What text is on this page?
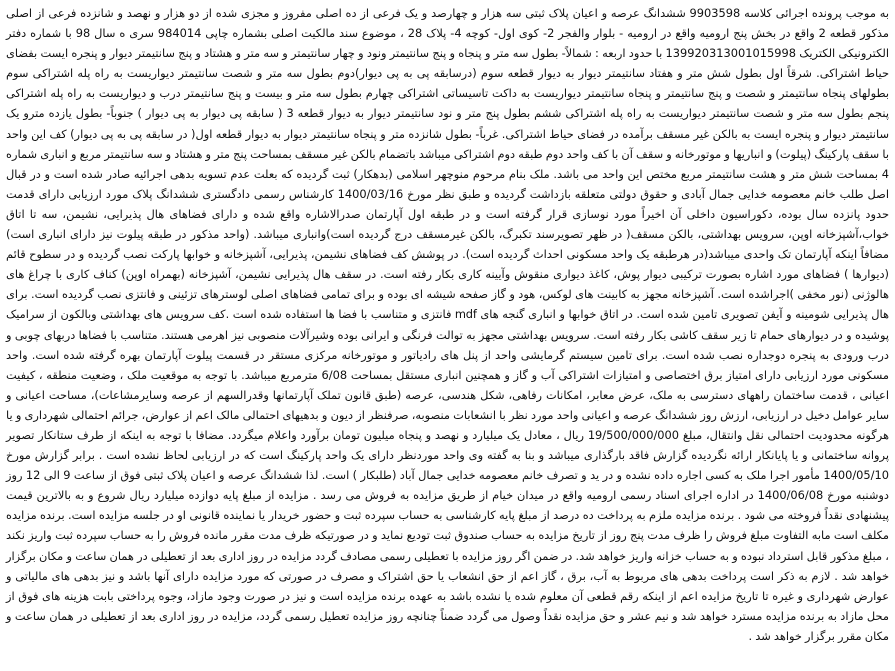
به موجب پرونده اجرائی کلاسه 9903598 ششدانگ عرصه و اعیان پلاک ثبتی سه هزار و چهارصد و یک فرعی از ده اصلی مفروز و مجزی شده از دو هزار و نهصد و شانزده فرعی از اصلی مذکور قطعه 2 واقع در بخش پنج ارومیه واقع در ارومیه - بلوار والفجر 2- کوی اول- کوچه 4- پلاک 28 ، موضوع سند مالکیت اصلی بشماره چاپی 984014 سری ه سال 98 با شماره دفتر الکترونیکی الکتریک 139920313001015998 با حدود اربعه : شمالاً- بطول سه متر و پنجاه و پنج سانتیمتر ونود و چهار سانتیمتر و سه متر و هشتاد و پنج سانتیمتر دیوار و پنجره ایست بفضای حیاط اشتراکی. شرقاً اول بطول شش متر و هفتاد سانتیمتر دیوار به دیوار قطعه سوم (درسابقه پی به پی دیوار)دوم بطول سه متر و شصت سانتیمتر دیواریست به راه پله اشتراکی سوم بطولهای پنجاه سانتیمتر و شصت و پنج سانتیمتر و پنجاه سانتیمتر دیواریست به داکت تاسیساتی اشتراکی چهارم بطول سه متر و بیست و پنج سانتیمتر درب و دیواریست به راه پله اشتراکی پنجم بطول سه متر و شصت سانتیمتر دیواریست به راه پله اشتراکی ششم بطول پنج متر و نود سانتیمتر دیوار به دیوار قطعه 3 ( سابقه پی دیوار به پی دیوار ) جنوباً- بطول یازده مترو یک سانتیمتر دیوار و پنجره ایست به بالکن غیر مسقف برآمده در فضای حیاط اشتراکی. غرباً- بطول شانزده متر و پنجاه سانتیمتر دیوار به دیوار قطعه اول( در سابقه پی به پی دیوار) کف این واحد با سقف پارکینگ (پیلوت) و انباریها و موتورخانه و سقف آن با کف واحد دوم طبقه دوم اشتراکی میباشد باتضمام بالکن غیر مسقف بمساحت پنج متر و هشتاد و سه سانتیمتر مربع و انباری شماره 4 بمساحت شش متر و هشت سانتیمتر مربع مختص این واحد می باشد. ملک بنام مرحوم منوچهر اسلامی (بدهکار) ثبت گردیده که بعلت عدم تسویه بدهی اجرائیه صادر شده است و در قبال اصل طلب خانم معصومه خدایی جمال آبادی و حقوق دولتی متعلقه بازداشت گردیده و طبق نظر مورخ 1400/03/16 کارشناس رسمی دادگستری ششدانگ پلاک مورد ارزیابی دارای قدمت حدود پانزده سال بوده، دکوراسیون داخلی آن اخیراً مورد نوسازی قرار گرفته است و در طبقه اول آپارتمان صدرالاشاره واقع شده و دارای فضاهای هال پذیرایی، نشیمن، سه تا اتاق خواب،آشپزخانه اوپن، سرویس بهداشتی، بالکن مسقف( در ظهر تصویرسند تکبرگ، بالکن غیرمسقف درج گردیده است)وانباری میباشد. (واحد مذکور در طبقه پیلوت نیز دارای انباری است) مضافاً اینکه آپارتمان تک واحدی میباشد(در هرطبقه یک واحد مسکونی احداث گردیده است). در پوشش کف فضاهای نشیمن، پذیرایی، آشپزخانه و خوابها پارکت نصب گردیده و در سطوح قائم (دیوارها ) فضاهای مورد اشاره بصورت ترکیبی دیوار پوش، کاغذ دیواری منقوش وآیینه کاری بکار رفته است. در سقف هال پذیرایی نشیمن، آشپزخانه (بهمراه اوپن) کناف کاری با چراغ های هالوژنی (نور مخفی )اجراشده است. آشپزخانه مجهز به کابینت های لوکس، هود و گاز صفحه شیشه ای بوده و برای تمامی فضاهای اصلی لوسترهای تزئینی و فانتزی نصب گردیده است. برای هال پذیرایی شومینه و آیفن تصویری تامین شده است. در اتاق خوابها و انباری گنجه های mdf فانتزی و متناسب با فضا ها استفاده شده است .کف سرویس های بهداشتی وبالکون از سرامیک پوشیده و در دیوارهای حمام تا زیر سقف کاشی بکار رفته است. سرویس بهداشتی مجهز به توالت فرنگی و ایرانی بوده وشیرآلات منصوبی نیز اهرمی هستند. متناسب با فضاها دربهای چوبی و درب ورودی به پنجره دوجداره نصب شده است. برای تامین سیستم گرمایشی واحد از پنل های رادیاتور و موتورخانه مرکزی مستقر در قسمت پیلوت آپارتمان بهره گرفته شده است. واحد مسکونی مورد ارزیابی دارای امتیاز برق اختصاصی و امتیازات اشتراکی آب و گاز و همچنین انباری مستقل بمساحت 6/08 مترمربع میباشد. با توجه به موقعیت ملک ، وضعیت منطقه ، کیفیت اعیانی ، قدمت ساختمان راههای دسترسی به ملک، عرض معابر، امکانات رفاهی، شکل هندسی، عرصه (طبق قانون تملک آپارتمانها وقدرالسهم از عرصه وسایرمشاعات)، مساحت اعیانی و سایر عوامل دخیل در ارزیابی، ارزش روز ششدانگ عرصه و اعیانی واحد مورد نظر با انشعابات منصوبه، صرفنظر از دیون و بدهیهای احتمالی مالک اعم از عوارض، جرائم احتمالی شهرداری و یا هرگونه محدودیت احتمالی نقل وانتقال، مبلغ 19/500/000/000 ریال ، معادل یک میلیارد و نهصد و پنجاه میلیون تومان برآورد واعلام میگردد. مضافا با توجه به اینکه از طرف ستانکار تصویر پروانه ساختمانی و یا پایانکار ارائه نگردیده گزارش فاقد بارگذاری میباشد و بنا به گفته وی واحد موردنظر دارای یک واحد پارکینگ است که در ارزیابی لحاظ نشده است . برابر گزارش مورخ 1400/05/10 مأمور اجرا ملک به کسی اجاره داده نشده و در ید و تصرف خانم معصومه خدایی جمال آباد (طلبکار ) است. لذا ششدانگ عرصه و اعیان پلاک ثبتی فوق از ساعت 9 الی 12 روز دوشنبه مورخ 1400/06/08 در اداره اجرای اسناد رسمی ارومیه واقع در میدان خیام از طریق مزایده به فروش می رسد . مزایده از مبلغ پایه دوازده میلیارد ریال شروع و به بالاترین قیمت پیشنهادی نقداً فروخته می شود . برنده مزایده ملزم به پرداخت ده درصد از مبلغ پایه کارشناسی به حساب سپرده ثبت و حضور خریدار یا نماینده قانونی او در جلسه مزایده است. برنده مزایده مکلف است مابه التفاوت مبلغ فروش را ظرف مدت پنج روز از تاریخ مزایده به حساب صندوق ثبت تودیع نماید و در صورتیکه ظرف مدت مقرر مانده فروش را به حساب سپرده ثبت واریز نکند ، مبلغ مذکور قابل استرداد نبوده و به حساب خزانه واریز خواهد شد. در ضمن اگر روز مزایده با تعطیلی رسمی مصادف گردد مزایده در روز اداری بعد از تعطیلی در همان ساعت و مکان برگزار خواهد شد . لازم به ذکر است پرداخت بدهی های مربوط به آب، برق ، گاز اعم از حق انشعاب یا حق اشتراک و مصرف در صورتی که مورد مزایده دارای آنها باشد و نیز بدهی های مالیاتی و عوارض شهرداری و غیره تا تاریخ مزایده اعم از اینکه رقم قطعی آن معلوم شده یا نشده باشد به عهده برنده مزایده است و نیز در صورت وجود مازاد، وجوه پرداختی بابت هزینه های فوق از محل مازاد به برنده مزایده مسترد خواهد شد و نیم عشر و حق مزایده نقداً وصول می گردد ضمناً چنانچه روز مزایده تعطیل رسمی گردد، مزایده در روز اداری بعد از تعطیلی در همان ساعت و مکان مقرر برگزار خواهد شد .
